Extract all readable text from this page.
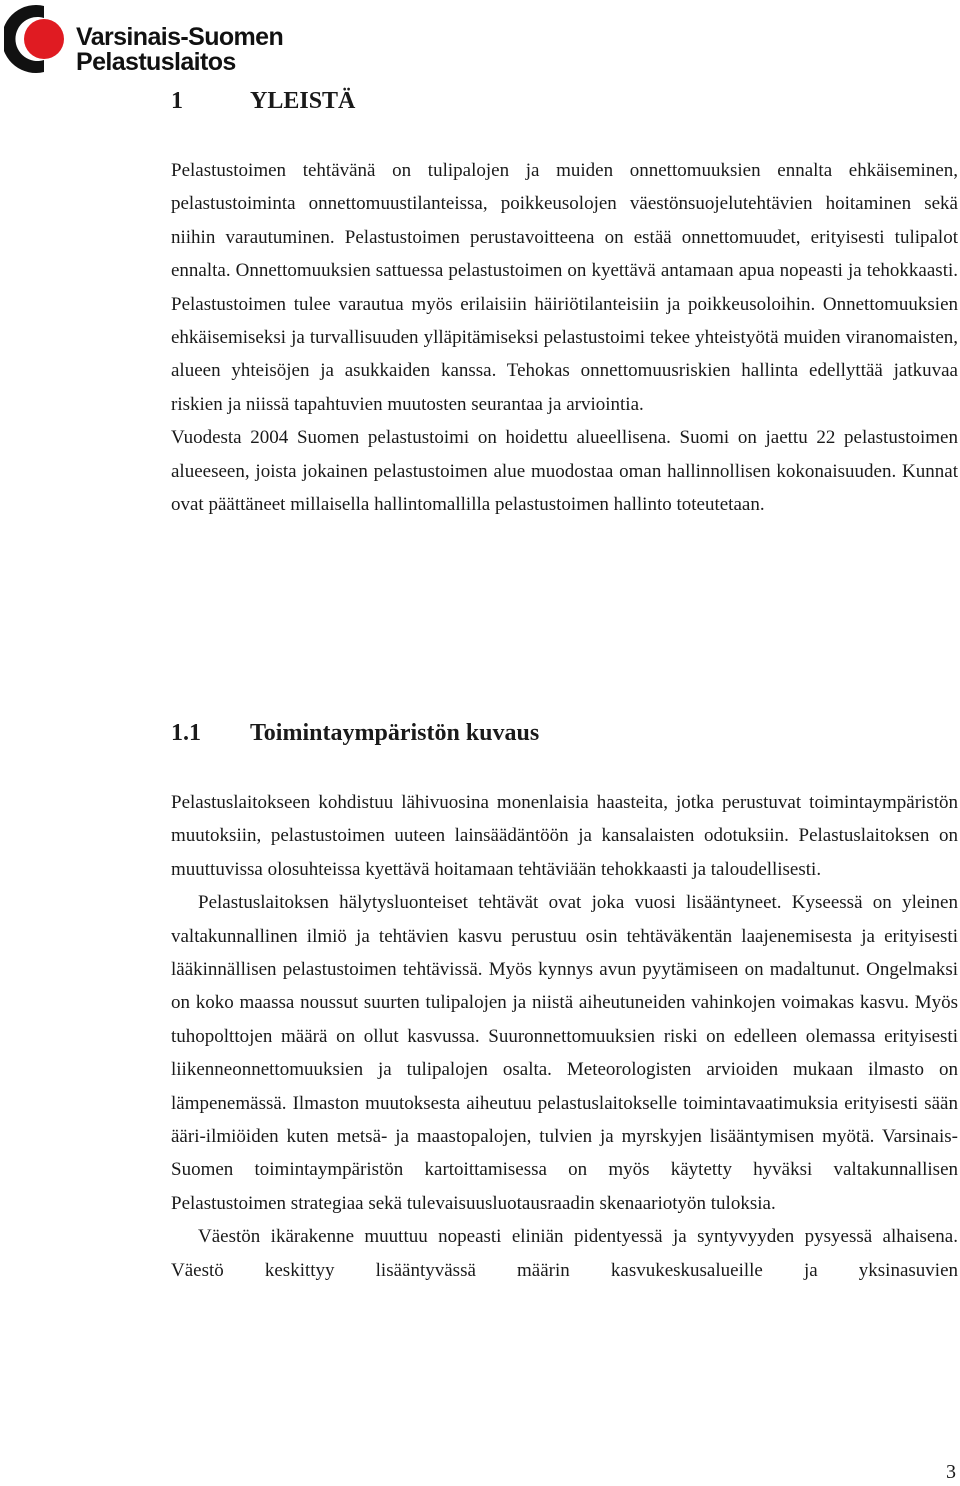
Varsinais-Suomen
Pelastuslaitos
1	YLEISTÄ

Pelastustoimen tehtävänä on tulipalojen ja muiden onnettomuuksien ennalta ehkäiseminen, pelastustoiminta onnettomuustilanteissa, poikkeusolojen väestönsuojelutehtävien hoitaminen sekä niihin varautuminen. Pelastustoimen perustavoitteena on estää onnettomuudet, erityisesti tulipalot ennalta. Onnettomuuksien sattuessa pelastustoimen on kyettävä antamaan apua nopeasti ja tehokkaasti. Pelastustoimen tulee varautua myös erilaisiin häiriötilanteisiin ja poikkeusoloihin. Onnettomuuksien ehkäisemiseksi ja turvallisuuden ylläpitämiseksi pelastustoimi tekee yhteistyötä muiden viranomaisten, alueen yhteisöjen ja asukkaiden kanssa. Tehokas onnettomuusriskien hallinta edellyttää jatkuvaa riskien ja niissä tapahtuvien muutosten seurantaa ja arviointia.

Vuodesta 2004 Suomen pelastustoimi on hoidettu alueellisena. Suomi on jaettu 22 pelastustoimen alueeseen, joista jokainen pelastustoimen alue muodostaa oman hallinnollisen kokonaisuuden. Kunnat ovat päättäneet millaisella hallintomallilla pelastustoimen hallinto toteutetaan.

1.1	Toimintaympäristön kuvaus

Pelastuslaitokseen kohdistuu lähivuosina monenlaisia haasteita, jotka perustuvat toimintaympäristön muutoksiin, pelastustoimen uuteen lainsäädäntöön ja kansalaisten odotuksiin. Pelastuslaitoksen on muuttuvissa olosuhteissa kyettävä hoitamaan tehtäviään tehokkaasti ja taloudellisesti.

Pelastuslaitoksen hälytysluonteiset tehtävät ovat joka vuosi lisääntyneet. Kyseessä on yleinen valtakunnallinen ilmiö ja tehtävien kasvu perustuu osin tehtäväkentän laajenemisesta ja erityisesti lääkinnällisen pelastustoimen tehtävissä. Myös kynnys avun pyytämiseen on madaltunut. Ongelmaksi on koko maassa noussut suurten tulipalojen ja niistä aiheutuneiden vahinkojen voimakas kasvu. Myös tuhopolttojen määrä on ollut kasvussa. Suuronnettomuuksien riski on edelleen olemassa erityisesti liikenneonnettomuuksien ja tulipalojen osalta. Meteorologisten arvioiden mukaan ilmasto on lämpenemässä. Ilmaston muutoksesta aiheutuu pelastuslaitokselle toimintavaatimuksia erityisesti sään ääri-ilmiöiden kuten metsä- ja maastopalojen, tulvien ja myrskyjen lisääntymisen myötä. Varsinais-Suomen toimintaympäristön kartoittamisessa on myös käytetty hyväksi valtakunnallisen Pelastustoimen strategiaa sekä tulevaisuusluotausraadin skenaariotyön tuloksia.

Väestön ikärakenne muuttuu nopeasti eliniän pidentyessä ja syntyvyyden pysyessä alhaisena. Väestö keskittyy lisääntyvässä määrin kasvukeskusalueille ja yksinasuvien

3
